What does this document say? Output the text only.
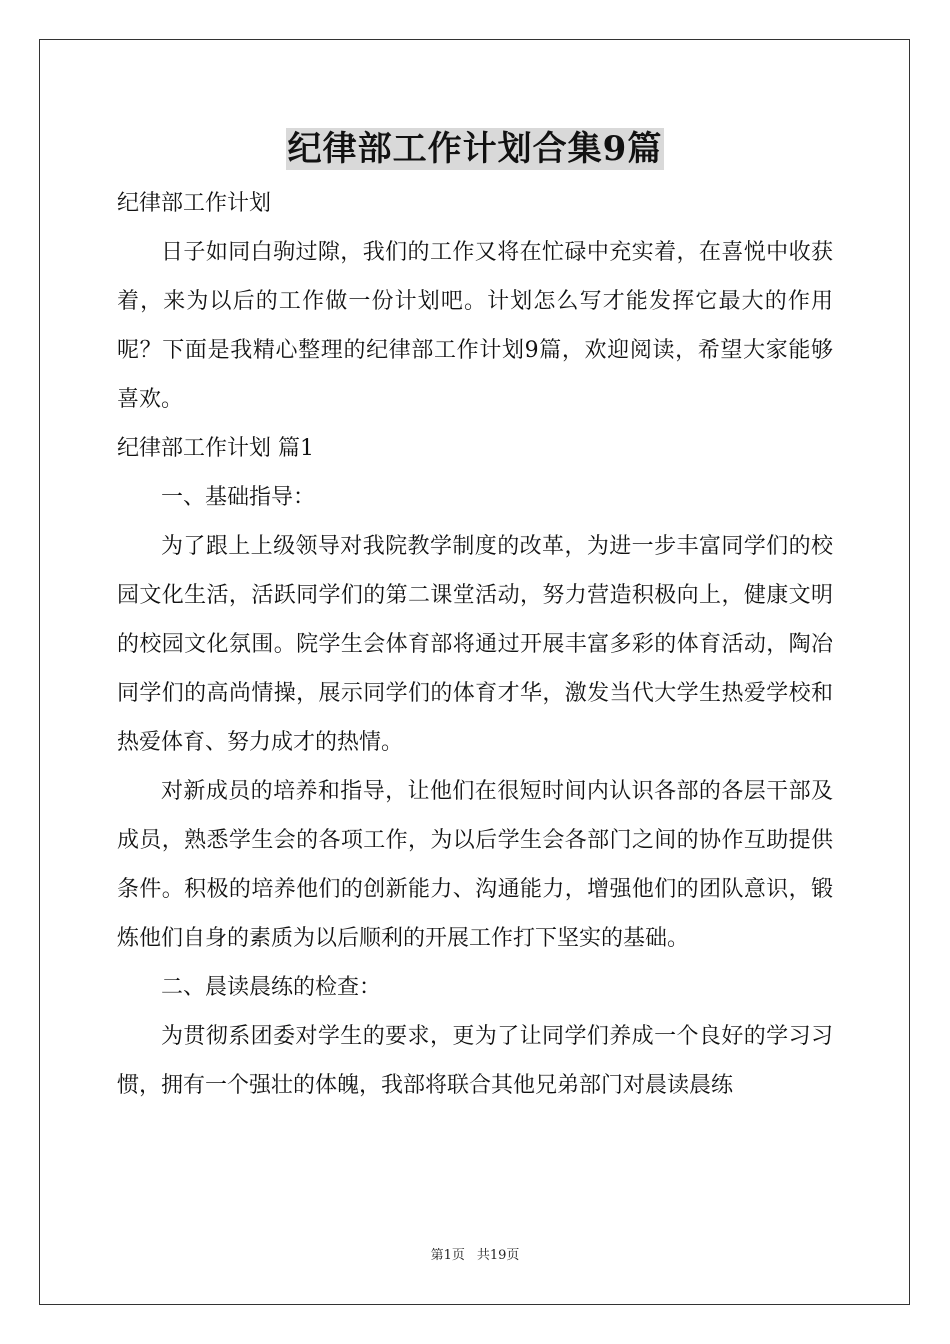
纪律部工作计划合集9篇

纪律部工作计划

日子如同白驹过隙，我们的工作又将在忙碌中充实着，在喜悦中收获着，来为以后的工作做一份计划吧。计划怎么写才能发挥它最大的作用呢？下面是我精心整理的纪律部工作计划9篇，欢迎阅读，希望大家能够喜欢。

纪律部工作计划 篇1

一、基础指导：

为了跟上上级领导对我院教学制度的改革，为进一步丰富同学们的校园文化生活，活跃同学们的第二课堂活动，努力营造积极向上，健康文明的校园文化氛围。院学生会体育部将通过开展丰富多彩的体育活动，陶冶同学们的高尚情操，展示同学们的体育才华，激发当代大学生热爱学校和热爱体育、努力成才的热情。

对新成员的培养和指导，让他们在很短时间内认识各部的各层干部及成员，熟悉学生会的各项工作，为以后学生会各部门之间的协作互助提供条件。积极的培养他们的创新能力、沟通能力，增强他们的团队意识，锻炼他们自身的素质为以后顺利的开展工作打下坚实的基础。

二、晨读晨练的检查：

为贯彻系团委对学生的要求，更为了让同学们养成一个良好的学习习惯，拥有一个强壮的体魄，我部将联合其他兄弟部门对晨读晨练

第1页 共19页
